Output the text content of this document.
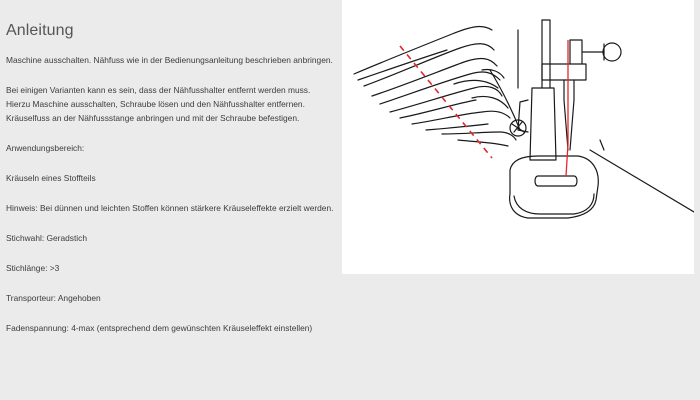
Anleitung

Maschine ausschalten. Nähfuss wie in der Bedienungsanleitung beschrieben anbringen.

Bei einigen Varianten kann es sein, dass der Nähfusshalter entfernt werden muss. Hierzu Maschine ausschalten, Schraube lösen und den Nähfusshalter entfernen. Kräuselfuss an der Nähfussstange anbringen und mit der Schraube befestigen.

Anwendungsbereich:

Kräuseln eines Stoffteils

Hinweis: Bei dünnen und leichten Stoffen können stärkere Kräuseleffekte erzielt werden.

Stichwahl: Geradstich

Stichlänge: >3

Transporteur: Angehoben

Fadenspannung: 4-max (entsprechend dem gewünschten Kräuseleffekt einstellen)
